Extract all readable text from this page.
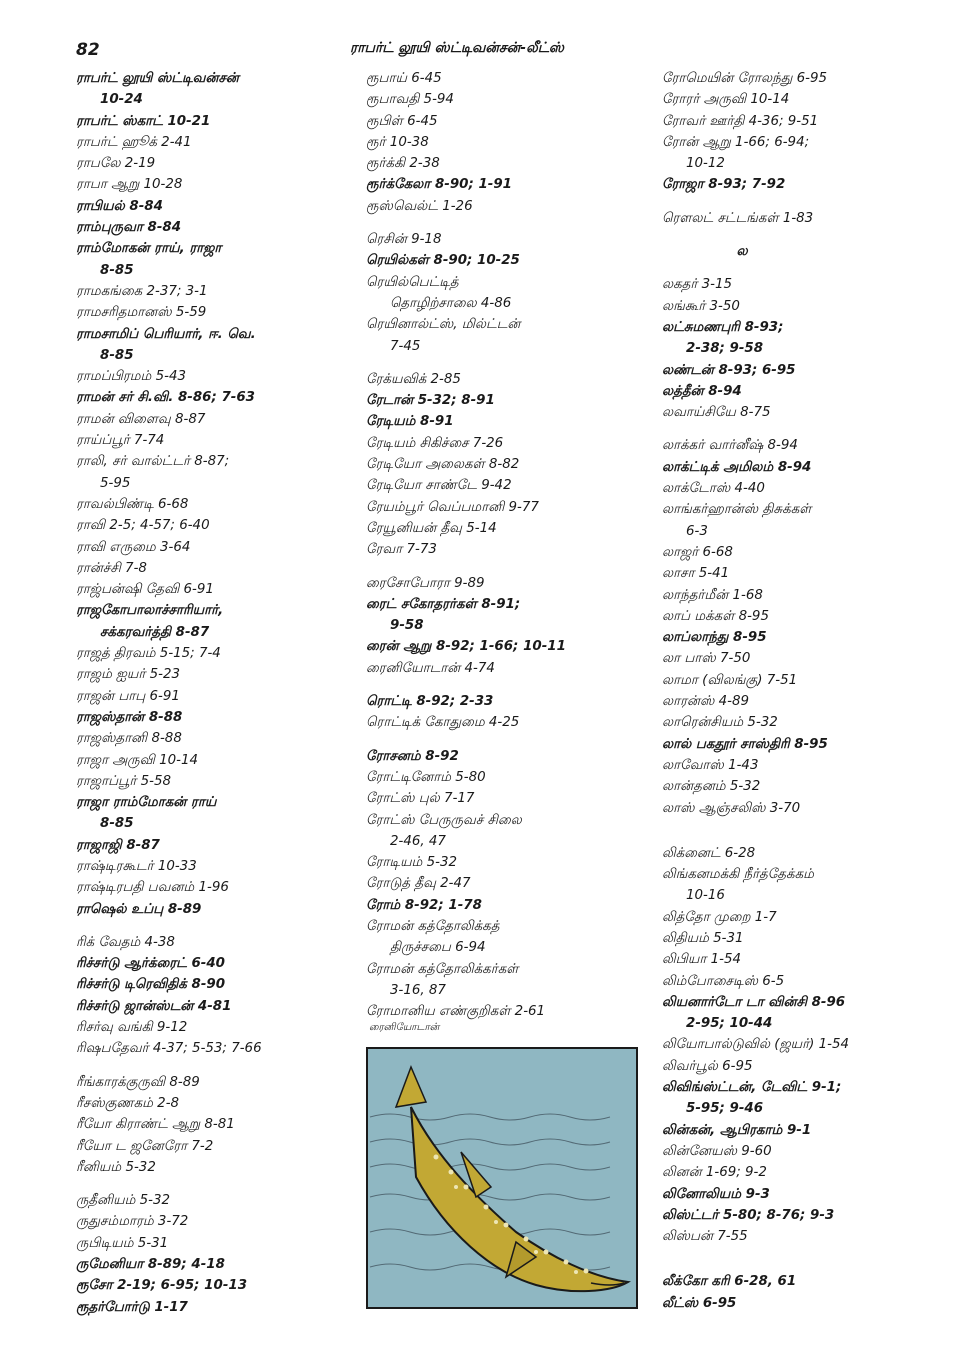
82	ராபர்ட் லூயி ஸ்ட்டிவன்சன்-லீட்ஸ்
ராபர்ட் லூயி ஸ்ட்டிவன்சன்
10-24
ராபர்ட் ஸ்காட் 10-21
ராபர்ட் ஹூக் 2-41
ராபலே 2-19
ராபா ஆறு 10-28
ராபியல் 8-84
ராம்புருவா 8-84
ராம்மோகன் ராய், ராஜா
8-85
ராமகங்கை 2-37; 3-1
ராமசரிதமானஸ் 5-59
ராமசாமிப் பெரியார், ஈ. வெ.
8-85
ராமப்பிரமம் 5-43
ராமன் சர் சி.வி. 8-86; 7-63
ராமன் விளைவு 8-87
ராய்ப்பூர் 7-74
ராலி, சர் வால்ட்டர் 8-87;
5-95
ராவல்பிண்டி 6-68
ராவி 2-5; 4-57; 6-40
ராவி எருமை 3-64
ரான்ச்சி 7-8
ராஜ்பன்ஷி தேவி 6-91
ராஜகோபாலாச்சாரியார்,
சக்கரவர்த்தி 8-87
ராஜத் திரவம் 5-15; 7-4
ராஜம் ஐயர் 5-23
ராஜன் பாபு 6-91
ராஜஸ்தான் 8-88
ராஜஸ்தானி 8-88
ராஜா அருவி 10-14
ராஜாப்பூர் 5-58
ராஜா ராம்மோகன் ராய்
8-85
ராஜாஜி 8-87
ராஷ்டிரகூடர் 10-33
ராஷ்டிரபதி பவனம் 1-96
ராஷெல் உப்பு 8-89
ரிக் வேதம் 4-38
ரிச்சர்டு ஆர்க்ரைட் 6-40
ரிச்சர்டு டிரெவிதிக் 8-90
ரிச்சர்டு ஜான்ஸ்டன் 4-81
ரிசர்வு வங்கி 9-12
ரிஷபதேவர் 4-37; 5-53; 7-66
ரீங்காரக்குருவி 8-89
ரீசஸ்குணகம் 2-8
ரீயோ கிராண்ட் ஆறு 8-81
ரீயோ ட ஜனேரோ 7-2
ரீனியம் 5-32
ருதீனியம் 5-32
ருதுசம்மாரம் 3-72
ருபிடியம் 5-31
ருமேனியா 8-89; 4-18
ரூசோ 2-19; 6-95; 10-13
ரூதர்போர்டு 1-17
ரூபாய் 6-45
ரூபாவதி 5-94
ரூபிள் 6-45
ரூர் 10-38
ரூர்க்கி 2-38
ரூர்க்கேலா 8-90; 1-91
ரூஸ்வெல்ட் 1-26
ரெசின் 9-18
ரெயில்கள் 8-90; 10-25
ரெயில்பெட்டித்
தொழிற்சாலை 4-86
ரெயினால்ட்ஸ், மில்ட்டன்
7-45
ரேக்யவிக் 2-85
ரேடான் 5-32; 8-91
ரேடியம் 8-91
ரேடியம் சிகிச்சை 7-26
ரேடியோ அலைகள் 8-82
ரேடியோ சாண்டே 9-42
ரேயம்பூர் வெப்பமானி 9-77
ரேயூனியன் தீவு 5-14
ரேவா 7-73
ரைசோபோரா 9-89
ரைட் சகோதரர்கள் 8-91;
9-58
ரைன் ஆறு 8-92; 1-66; 10-11
ரைனியோடான் 4-74
ரொட்டி 8-92; 2-33
ரொட்டிக் கோதுமை 4-25
ரோசனம் 8-92
ரோட்டினோம் 5-80
ரோட்ஸ் புல் 7-17
ரோட்ஸ் பேருருவச் சிலை
2-46, 47
ரோடியம் 5-32
ரோடுத் தீவு 2-47
ரோம் 8-92; 1-78
ரோமன் கத்தோலிக்கத்
திருச்சபை 6-94
ரோமன் கத்தோலிக்கர்கள்
3-16, 87
ரோமானிய எண்குறிகள் 2-61
ரோமெயின் ரோலந்து 6-95
ரோரர் அருவி 10-14
ரோவர் ஊர்தி 4-36; 9-51
ரோன் ஆறு 1-66; 6-94;
10-12
ரோஜா 8-93; 7-92
ரௌலட் சட்டங்கள் 1-83
ல
லகதர் 3-15
லங்கூர் 3-50
லட்சுமணபுரி 8-93;
2-38; 9-58
லண்டன் 8-93; 6-95
லத்தீன் 8-94
லவாய்சியே 8-75
லாக்கர் வார்னீஷ் 8-94
லாக்ட்டிக் அமிலம் 8-94
லாக்டோஸ் 4-40
லாங்கர்ஹான்ஸ் திசுக்கள்
6-3
லாஜர் 6-68
லாசா 5-41
லாந்தர்மீன் 1-68
லாப் மக்கள் 8-95
லாப்லாந்து 8-95
லா பாஸ் 7-50
லாமா (விலங்கு) 7-51
லாரன்ஸ் 4-89
லாரென்சியம் 5-32
லால் பகதூர் சாஸ்திரி 8-95
லாவோஸ் 1-43
லான்தனம் 5-32
லாஸ் ஆஞ்சலிஸ் 3-70
லிக்னைட் 6-28
லிங்கனமக்கி நீர்த்தேக்கம்
10-16
லித்தோ முறை 1-7
லிதியம் 5-31
லிபியா 1-54
லிம்போசைடிஸ் 6-5
லியனார்டோ டா வின்சி 8-96
2-95; 10-44
லியோபால்டுவில் (ஜயர்) 1-54
லிவர்பூல் 6-95
லிவிங்ஸ்ட்டன், டேவிட் 9-1;
5-95; 9-46
லின்கன், ஆபிரகாம் 9-1
லின்னேயஸ் 9-60
லினன் 1-69; 9-2
லினோலியம் 9-3
லிஸ்ட்டர் 5-80; 8-76; 9-3
லிஸ்பன் 7-55
லீக்கோ கரி 6-28, 61
லீட்ஸ் 6-95
ரைனியோடான்
